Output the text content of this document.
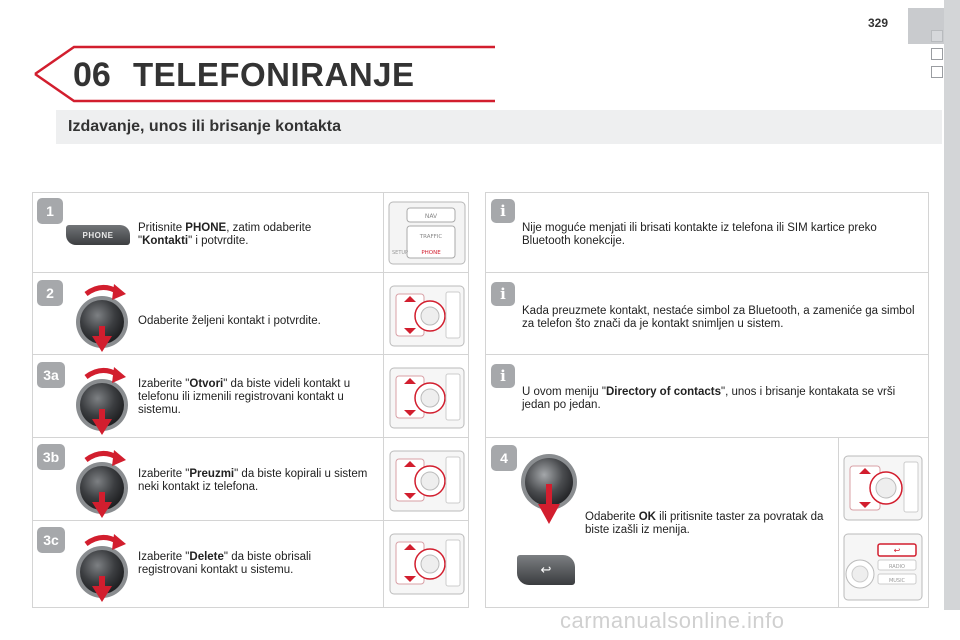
329
06 TELEFONIRANJE
Izdavanje, unos ili brisanje kontakta
1
2
3a
3b
3c
PHONE
Pritisnite PHONE, zatim odaberite "Kontakti" i potvrdite.
Odaberite željeni kontakt i potvrdite.
Izaberite "Otvori" da biste videli kontakt u telefonu ili izmenili registrovani kontakt u sistemu.
Izaberite "Preuzmi" da biste kopirali u sistem neki kontakt iz telefona.
Izaberite "Delete" da biste obrisali registrovani kontakt u sistemu.
NAV
TRAFFIC
PHONE
SETUP
i
i
i
4
Nije moguće menjati ili brisati kontakte iz telefona ili SIM kartice preko Bluetooth konekcije.
Kada preuzmete kontakt, nestaće simbol za Bluetooth, a zameniće ga simbol za telefon što znači da je kontakt snimljen u sistem.
U ovom meniju "Directory of contacts", unos i brisanje kontakata se vrši jedan po jedan.
↩
Odaberite OK ili pritisnite taster za povratak da biste izašli iz menija.
↩
RADIO
MUSIC
carmanualsonline.info
